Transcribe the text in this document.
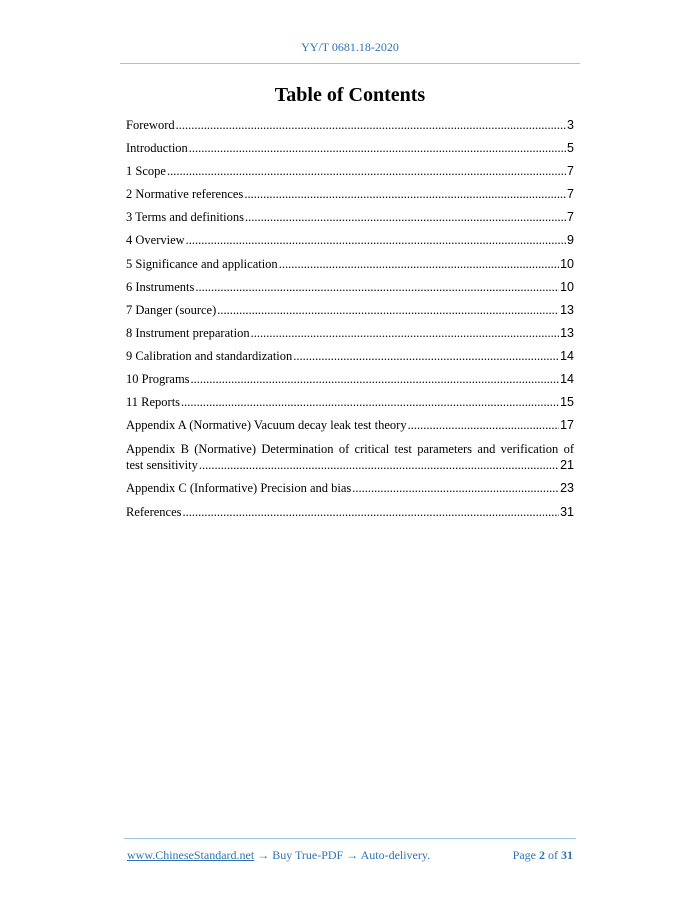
YY/T 0681.18-2020
Table of Contents
Foreword .....	3
Introduction .....	5
1 Scope .....	7
2 Normative references .....	7
3 Terms and definitions .....	7
4 Overview .....	9
5 Significance and application .....	10
6 Instruments .....	10
7 Danger (source) .....	13
8 Instrument preparation .....	13
9 Calibration and standardization .....	14
10 Programs .....	14
11 Reports .....	15
Appendix A (Normative) Vacuum decay leak test theory .....	17
Appendix B (Normative) Determination of critical test parameters and verification of
test sensitivity .....	21
Appendix C (Informative) Precision and bias .....	23
References .....	31
www.ChineseStandard.net → Buy True-PDF → Auto-delivery.	Page 2 of 31
